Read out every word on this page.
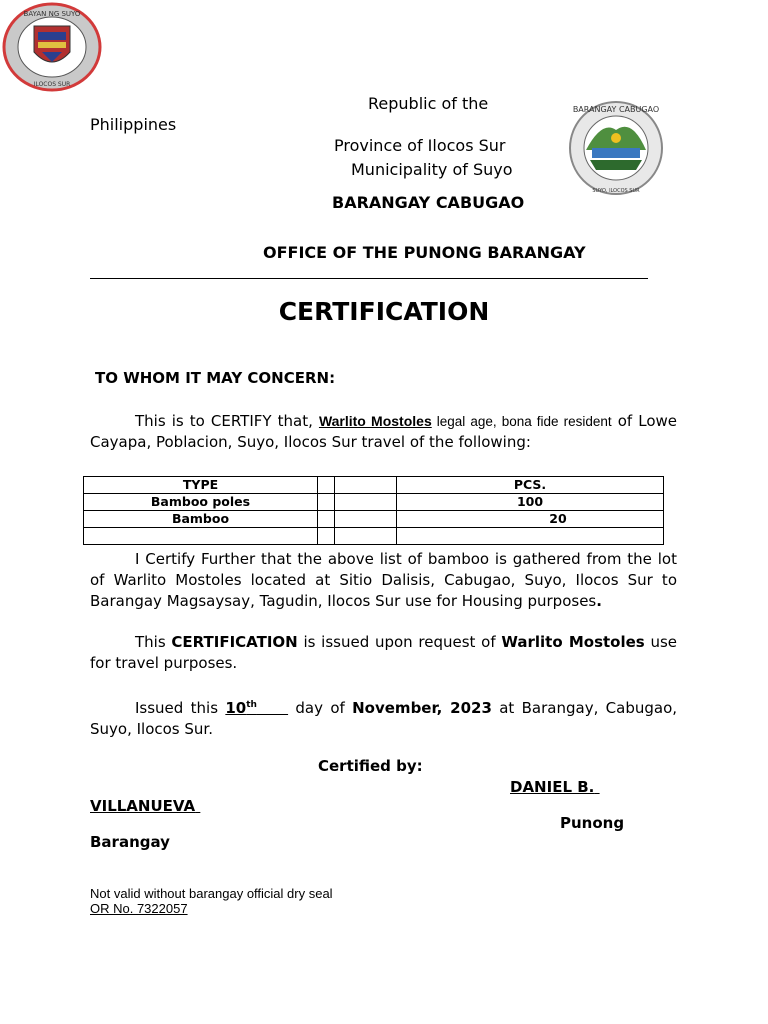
BAYAN NG SUYO
ILOCOS SUR
BARANGAY CABUGAO
SUYO, ILOCOS SUR
Republic of the
Philippines
Province of Ilocos Sur
Municipality of Suyo
BARANGAY CABUGAO
OFFICE OF THE PUNONG BARANGAY
CERTIFICATION
TO WHOM IT MAY CONCERN:
This is to CERTIFY that, Warlito Mostoles legal age, bona fide resident of Lowe Cayapa, Poblacion, Suyo, Ilocos Sur travel of the following:
TYPE			PCS.
Bamboo poles			100
Bamboo			20

I Certify Further that the above list of bamboo is gathered from the lot of Warlito Mostoles located at Sitio Dalisis, Cabugao, Suyo, Ilocos Sur to Barangay Magsaysay, Tagudin, Ilocos Sur use for Housing purposes.
This CERTIFICATION is issued upon request of Warlito Mostoles use for travel purposes.
Issued this 10th     day of November, 2023 at Barangay, Cabugao, Suyo, Ilocos Sur.
Certified by:
DANIEL B.
VILLANUEVA
Punong
Barangay
Not valid without barangay official dry seal
OR No. 7322057
